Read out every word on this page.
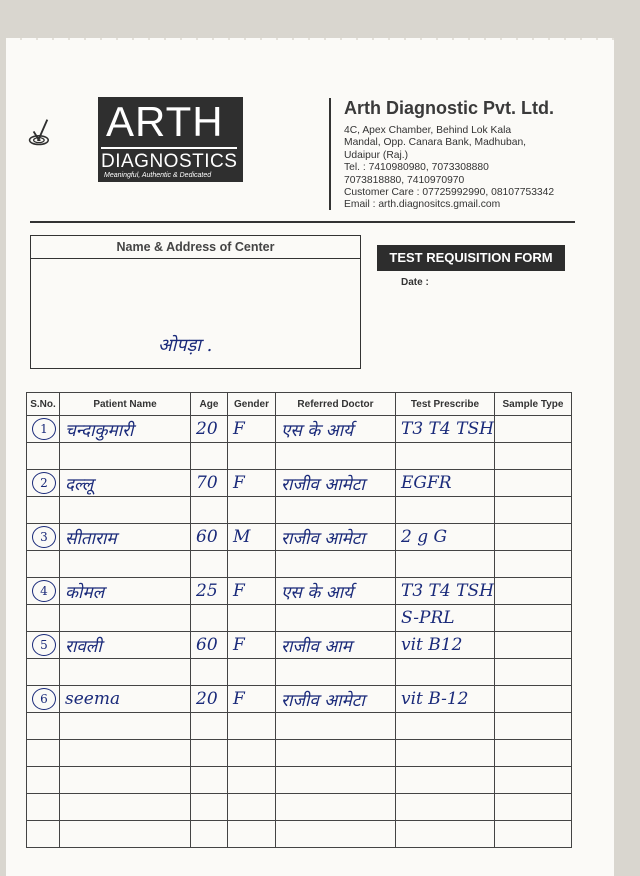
ARTH
DIAGNOSTICS
Meaningful, Authentic & Dedicated
Arth Diagnostic Pvt. Ltd.
4C, Apex Chamber, Behind Lok Kala
Mandal, Opp. Canara Bank, Madhuban,
Udaipur (Raj.)
Tel. : 7410980980, 7073308880
7073818880, 7410970970
Customer Care : 07725992990, 08107753342
Email : arth.diagnositcs.gmail.com
Name & Address of Center
ओपड़ा .
TEST REQUISITION FORM
Date :
S.No.	Patient Name	Age	Gender	Referred Doctor	Test Prescribe	Sample Type
1	चन्दाकुमारी	20	F	एस के आर्य	T3 T4 TSH	

2	दल्लू	70	F	राजीव आमेटा	EGFR	

3	सीताराम	60	M	राजीव आमेटा	2 g G	

4	कोमल	25	F	एस के आर्य	T3 T4 TSH	
					S-PRL	
5	रावली	60	F	राजीव आम	vit B12	

6	seema	20	F	राजीव आमेटा	vit B-12	
